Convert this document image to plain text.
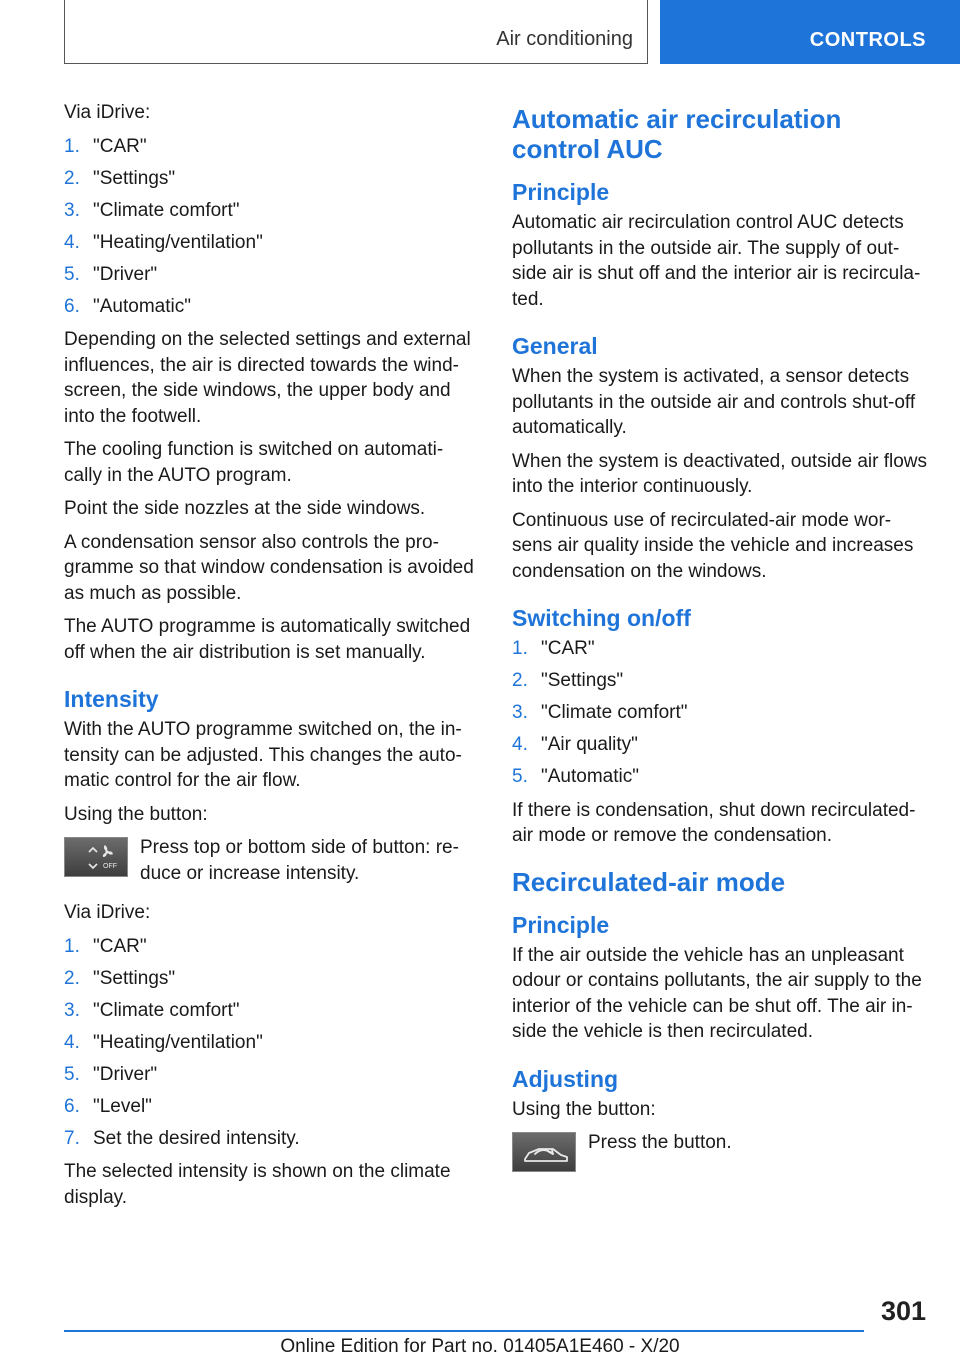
Air conditioning	CONTROLS

Via iDrive:

1. "CAR"
2. "Settings"
3. "Climate comfort"
4. "Heating/ventilation"
5. "Driver"
6. "Automatic"

Depending on the selected settings and external influences, the air is directed towards the wind-screen, the side windows, the upper body and into the footwell.

The cooling function is switched on automati-cally in the AUTO program.

Point the side nozzles at the side windows.

A condensation sensor also controls the pro-gramme so that window condensation is avoided as much as possible.

The AUTO programme is automatically switched off when the air distribution is set manually.

Intensity

With the AUTO programme switched on, the in-tensity can be adjusted. This changes the auto-matic control for the air flow.

Using the button:

OFF

Press top or bottom side of button: re-duce or increase intensity.

Via iDrive:

1. "CAR"
2. "Settings"
3. "Climate comfort"
4. "Heating/ventilation"
5. "Driver"
6. "Level"
7. Set the desired intensity.

The selected intensity is shown on the climate display.

Automatic air recirculation control AUC
Principle

Automatic air recirculation control AUC detects pollutants in the outside air. The supply of out-side air is shut off and the interior air is recircula-ted.

General

When the system is activated, a sensor detects pollutants in the outside air and controls shut-off automatically.

When the system is deactivated, outside air flows into the interior continuously.

Continuous use of recirculated-air mode wor-sens air quality inside the vehicle and increases condensation on the windows.

Switching on/off
1. "CAR"
2. "Settings"
3. "Climate comfort"
4. "Air quality"
5. "Automatic"

If there is condensation, shut down recirculated-air mode or remove the condensation.

Recirculated-air mode
Principle

If the air outside the vehicle has an unpleasant odour or contains pollutants, the air supply to the interior of the vehicle can be shut off. The air in-side the vehicle is then recirculated.

Adjusting

Using the button:

Press the button.

301
Online Edition for Part no. 01405A1E460 - X/20
